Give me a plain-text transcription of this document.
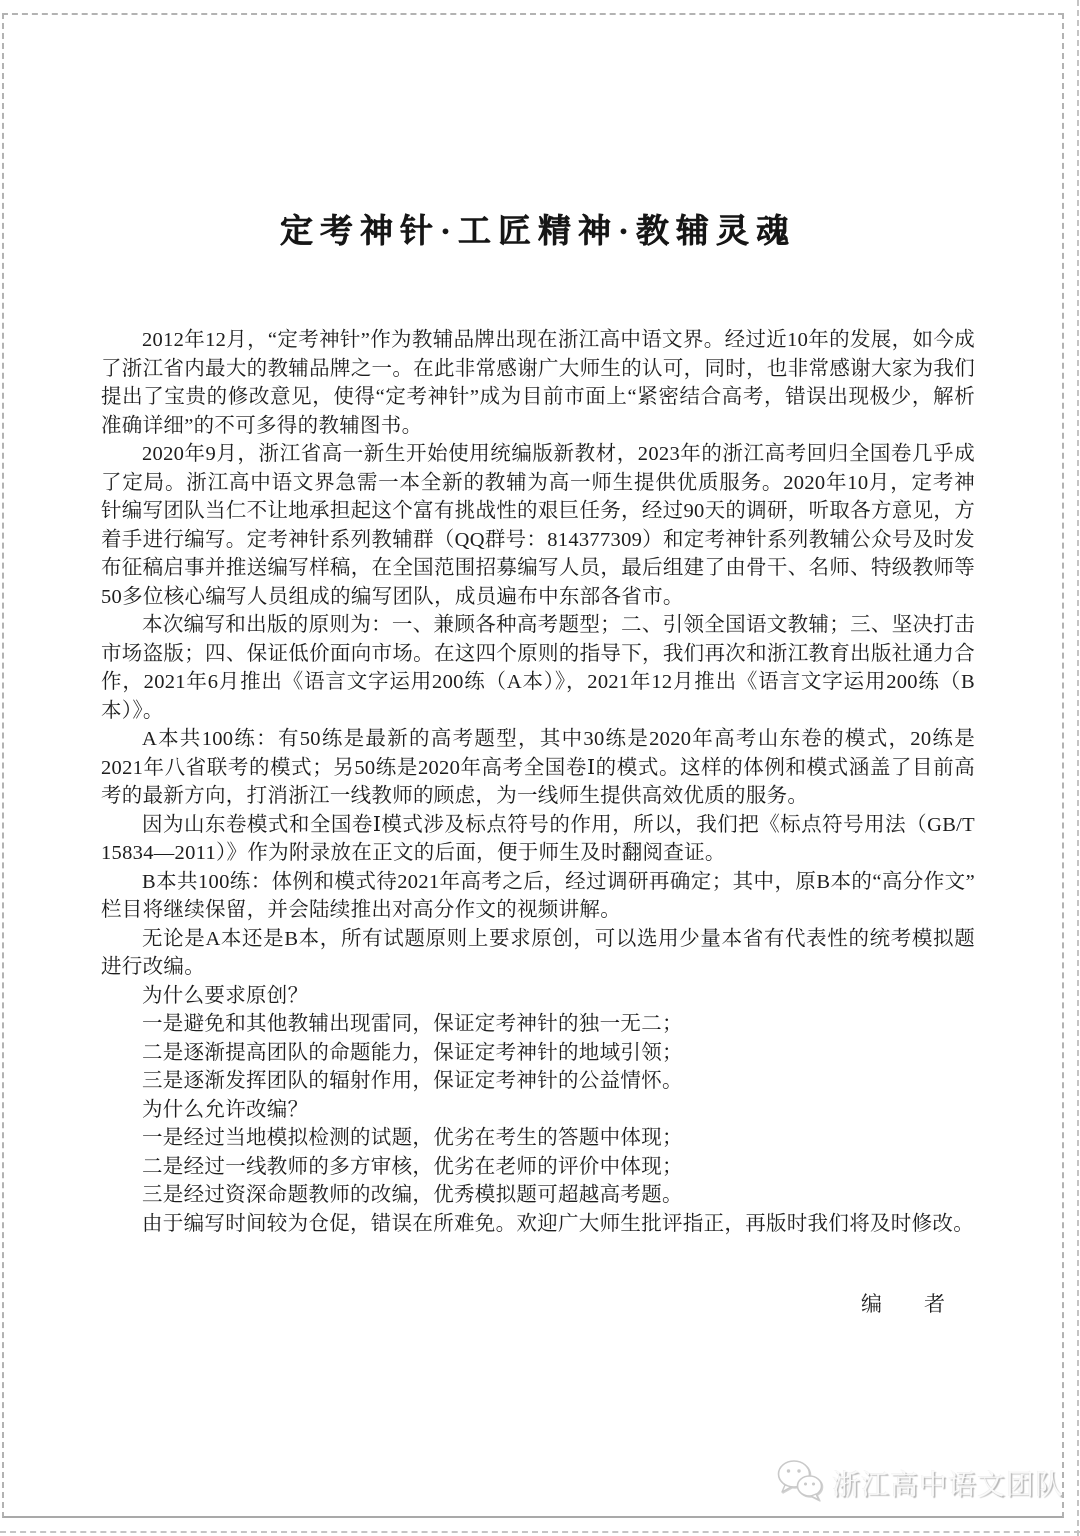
定考神针·工匠精神·教辅灵魂

2012年12月，“定考神针”作为教辅品牌出现在浙江高中语文界。经过近10年的发展，如今成了浙江省内最大的教辅品牌之一。在此非常感谢广大师生的认可，同时，也非常感谢大家为我们提出了宝贵的修改意见，使得“定考神针”成为目前市面上“紧密结合高考，错误出现极少，解析准确详细”的不可多得的教辅图书。

2020年9月，浙江省高一新生开始使用统编版新教材，2023年的浙江高考回归全国卷几乎成了定局。浙江高中语文界急需一本全新的教辅为高一师生提供优质服务。2020年10月，定考神针编写团队当仁不让地承担起这个富有挑战性的艰巨任务，经过90天的调研，听取各方意见，方着手进行编写。定考神针系列教辅群（QQ群号：814377309）和定考神针系列教辅公众号及时发布征稿启事并推送编写样稿，在全国范围招募编写人员，最后组建了由骨干、名师、特级教师等50多位核心编写人员组成的编写团队，成员遍布中东部各省市。

本次编写和出版的原则为：一、兼顾各种高考题型；二、引领全国语文教辅；三、坚决打击市场盗版；四、保证低价面向市场。在这四个原则的指导下，我们再次和浙江教育出版社通力合作，2021年6月推出《语言文字运用200练（A本）》，2021年12月推出《语言文字运用200练（B本）》。

A本共100练：有50练是最新的高考题型，其中30练是2020年高考山东卷的模式，20练是2021年八省联考的模式；另50练是2020年高考全国卷Ⅰ的模式。这样的体例和模式涵盖了目前高考的最新方向，打消浙江一线教师的顾虑，为一线师生提供高效优质的服务。

因为山东卷模式和全国卷Ⅰ模式涉及标点符号的作用，所以，我们把《标点符号用法（GB/T 15834—2011）》作为附录放在正文的后面，便于师生及时翻阅查证。

B本共100练：体例和模式待2021年高考之后，经过调研再确定；其中，原B本的“高分作文”栏目将继续保留，并会陆续推出对高分作文的视频讲解。

无论是A本还是B本，所有试题原则上要求原创，可以选用少量本省有代表性的统考模拟题进行改编。

为什么要求原创？

一是避免和其他教辅出现雷同，保证定考神针的独一无二；

二是逐渐提高团队的命题能力，保证定考神针的地域引领；

三是逐渐发挥团队的辐射作用，保证定考神针的公益情怀。

为什么允许改编？

一是经过当地模拟检测的试题，优劣在考生的答题中体现；

二是经过一线教师的多方审核，优劣在老师的评价中体现；

三是经过资深命题教师的改编，优秀模拟题可超越高考题。

由于编写时间较为仓促，错误在所难免。欢迎广大师生批评指正，再版时我们将及时修改。

编　　者
浙江高中语文团队
